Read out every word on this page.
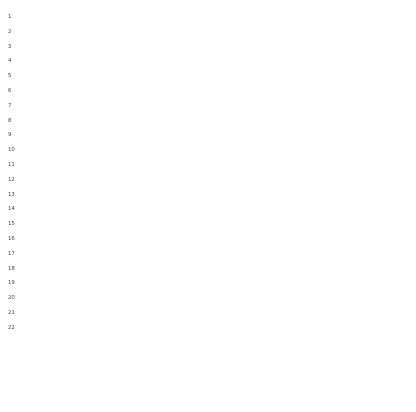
1
2
3
4
5
6
7
8
9
10
11
12
13
14
15
16
17
18
19
20
21
22
